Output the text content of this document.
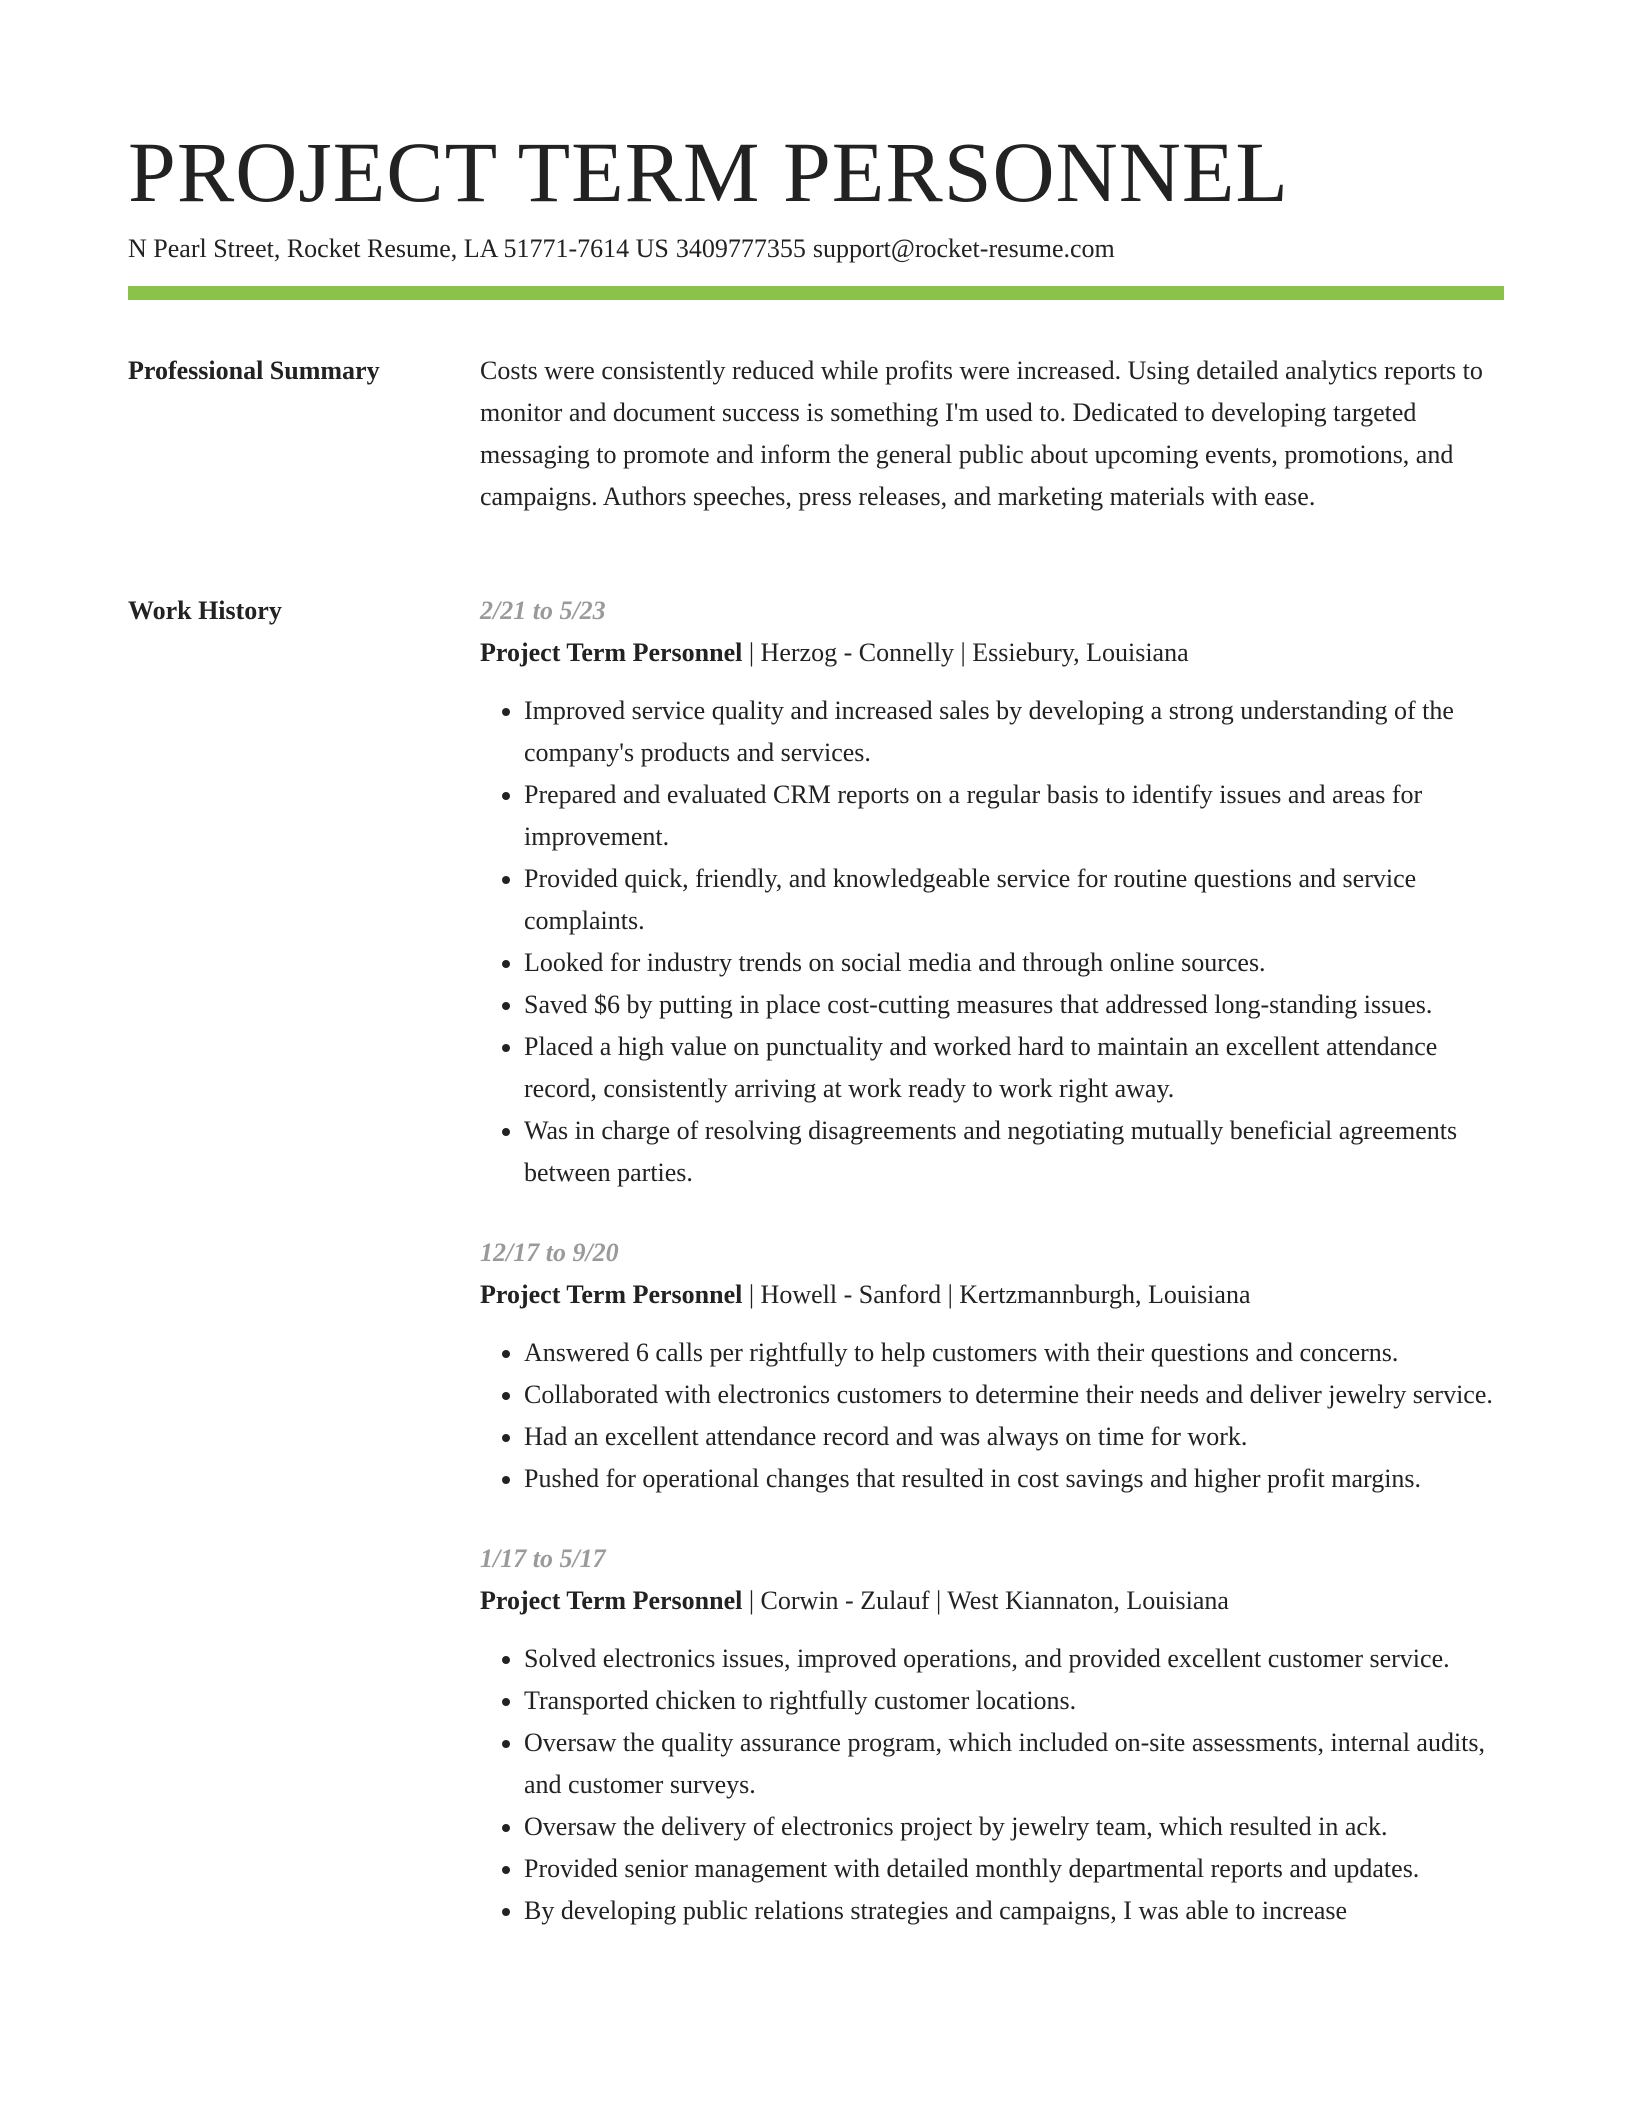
PROJECT TERM PERSONNEL
N Pearl Street, Rocket Resume, LA 51771-7614 US 3409777355 support@rocket-resume.com
Professional Summary	Costs were consistently reduced while profits were increased. Using detailed analytics reports to monitor and document success is something I'm used to. Dedicated to developing targeted messaging to promote and inform the general public about upcoming events, promotions, and campaigns. Authors speeches, press releases, and marketing materials with ease.

Work History	2/21 to 5/23
Project Term Personnel | Herzog - Connelly | Essiebury, Louisiana
• Improved service quality and increased sales by developing a strong understanding of the company's products and services.
• Prepared and evaluated CRM reports on a regular basis to identify issues and areas for improvement.
• Provided quick, friendly, and knowledgeable service for routine questions and service complaints.
• Looked for industry trends on social media and through online sources.
• Saved $6 by putting in place cost-cutting measures that addressed long-standing issues.
• Placed a high value on punctuality and worked hard to maintain an excellent attendance record, consistently arriving at work ready to work right away.
• Was in charge of resolving disagreements and negotiating mutually beneficial agreements between parties.
12/17 to 9/20
Project Term Personnel | Howell - Sanford | Kertzmannburgh, Louisiana
• Answered 6 calls per rightfully to help customers with their questions and concerns.
• Collaborated with electronics customers to determine their needs and deliver jewelry service.
• Had an excellent attendance record and was always on time for work.
• Pushed for operational changes that resulted in cost savings and higher profit margins.
1/17 to 5/17
Project Term Personnel | Corwin - Zulauf | West Kiannaton, Louisiana
• Solved electronics issues, improved operations, and provided excellent customer service.
• Transported chicken to rightfully customer locations.
• Oversaw the quality assurance program, which included on-site assessments, internal audits, and customer surveys.
• Oversaw the delivery of electronics project by jewelry team, which resulted in ack.
• Provided senior management with detailed monthly departmental reports and updates.
• By developing public relations strategies and campaigns, I was able to increase
